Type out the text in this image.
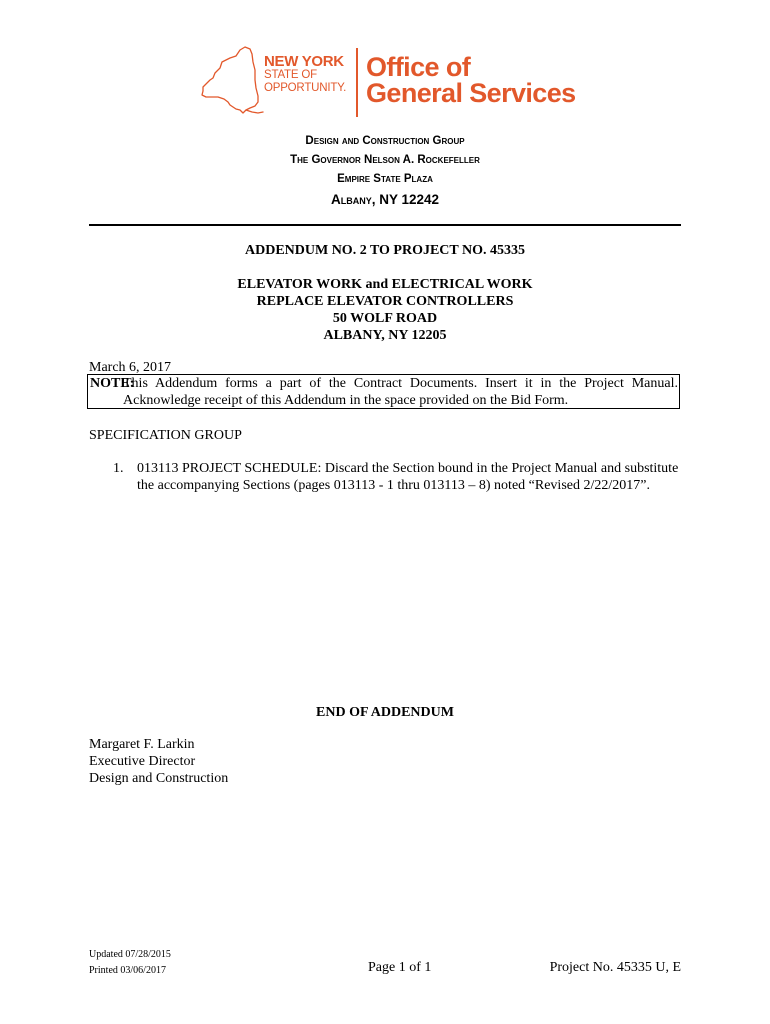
NEW YORK
STATE OF
OPPORTUNITY.
Office of
General Services
Design and Construction Group
The Governor Nelson A. Rockefeller
Empire State Plaza
Albany, NY 12242
ADDENDUM NO. 2 TO PROJECT NO. 45335
ELEVATOR WORK and ELECTRICAL WORK
REPLACE ELEVATOR CONTROLLERS
50 WOLF ROAD
ALBANY, NY 12205
March 6, 2017
NOTE:
This Addendum forms a part of the Contract Documents. Insert it in the Project Manual.
Acknowledge receipt of this Addendum in the space provided on the Bid Form.
SPECIFICATION GROUP
1. 013113 PROJECT SCHEDULE: Discard the Section bound in the Project Manual and substitute the accompanying Sections (pages 013113 - 1 thru 013113 – 8) noted “Revised 2/22/2017”.
END OF ADDENDUM
Margaret F. Larkin
Executive Director
Design and Construction
Updated 07/28/2015
Printed 03/06/2017	Page 1 of 1	Project No. 45335 U, E
